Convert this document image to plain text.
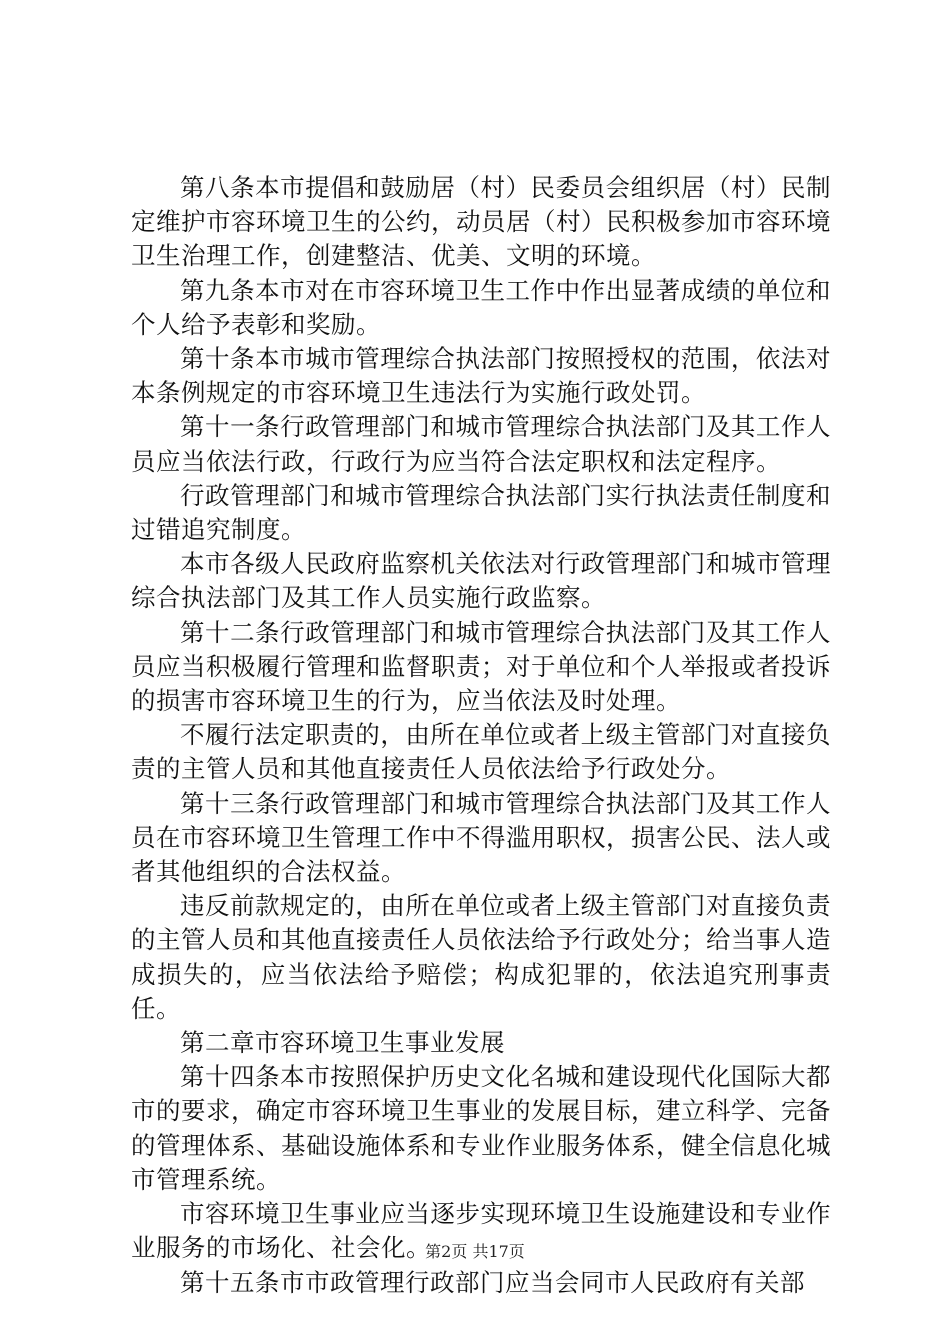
第八条本市提倡和鼓励居（村）民委员会组织居（村）民制定维护市容环境卫生的公约，动员居（村）民积极参加市容环境卫生治理工作，创建整洁、优美、文明的环境。

第九条本市对在市容环境卫生工作中作出显著成绩的单位和个人给予表彰和奖励。

第十条本市城市管理综合执法部门按照授权的范围，依法对本条例规定的市容环境卫生违法行为实施行政处罚。

第十一条行政管理部门和城市管理综合执法部门及其工作人员应当依法行政，行政行为应当符合法定职权和法定程序。

行政管理部门和城市管理综合执法部门实行执法责任制度和过错追究制度。

本市各级人民政府监察机关依法对行政管理部门和城市管理综合执法部门及其工作人员实施行政监察。

第十二条行政管理部门和城市管理综合执法部门及其工作人员应当积极履行管理和监督职责；对于单位和个人举报或者投诉的损害市容环境卫生的行为，应当依法及时处理。

不履行法定职责的，由所在单位或者上级主管部门对直接负责的主管人员和其他直接责任人员依法给予行政处分。

第十三条行政管理部门和城市管理综合执法部门及其工作人员在市容环境卫生管理工作中不得滥用职权，损害公民、法人或者其他组织的合法权益。

违反前款规定的，由所在单位或者上级主管部门对直接负责的主管人员和其他直接责任人员依法给予行政处分；给当事人造成损失的，应当依法给予赔偿；构成犯罪的，依法追究刑事责任。

第二章市容环境卫生事业发展

第十四条本市按照保护历史文化名城和建设现代化国际大都市的要求，确定市容环境卫生事业的发展目标，建立科学、完备的管理体系、基础设施体系和专业作业服务体系，健全信息化城市管理系统。

市容环境卫生事业应当逐步实现环境卫生设施建设和专业作业服务的市场化、社会化。

第十五条市市政管理行政部门应当会同市人民政府有关部

第2页 共17页
